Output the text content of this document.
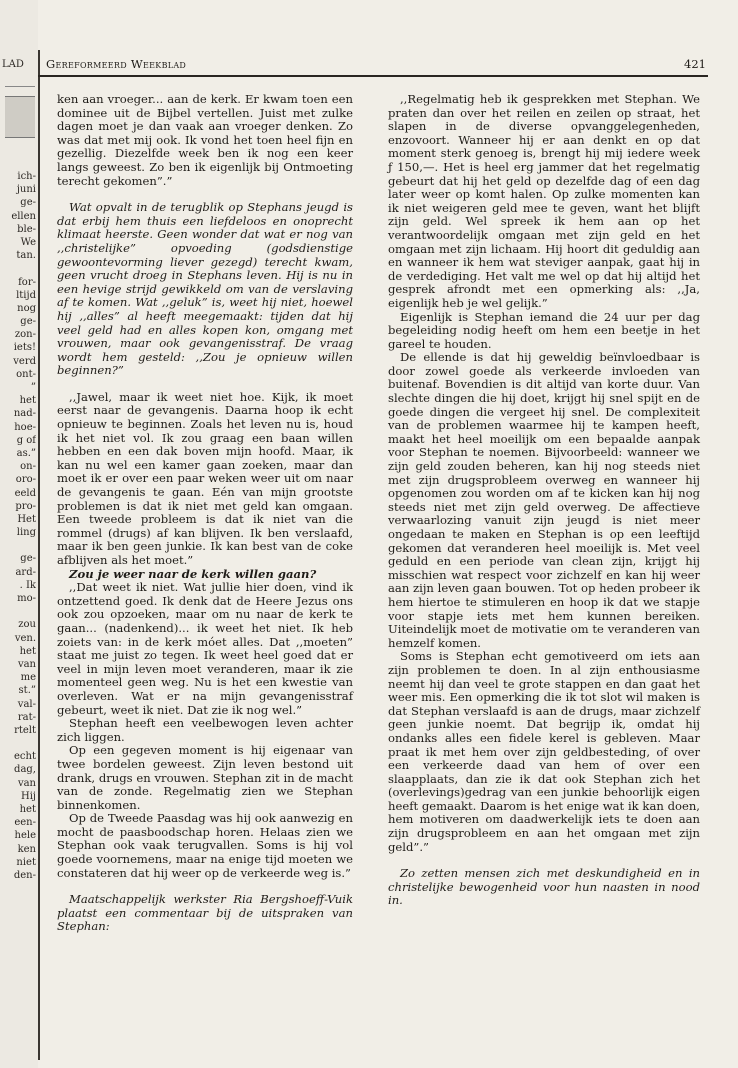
LAD
ich-
juni
ge-
ellen
ble-
We
tan.
for-
ltijd
nog
ge-
zon-
iets!
verd
ont-
”
het
nad-
hoe-
g of
as.”
on-
oro-
eeld
pro-
Het
ling
ge-
ard-
. Ik
mo-
zou
ven.
het
van
me
st.”
val-
rat-
rtelt
echt
dag,
van
Hij
het
een-
hele
ken
niet
den-
Gereformeerd Weekblad	421

ken aan vroeger... aan de kerk. Er kwam toen een dominee uit de Bijbel vertellen. Juist met zulke dagen moet je dan vaak aan vroeger denken. Zo was dat met mij ook. Ik vond het toen heel fijn en gezellig. Diezelfde week ben ik nog een keer langs geweest. Zo ben ik eigenlijk bij Ontmoeting terecht gekomen”.”

Wat opvalt in de terugblik op Stephans jeugd is dat erbij hem thuis een liefdeloos en onoprecht klimaat heerste. Geen wonder dat wat er nog van ,,christelijke” opvoeding (godsdienstige gewoontevorming liever gezegd) terecht kwam, geen vrucht droeg in Stephans leven. Hij is nu in een hevige strijd gewikkeld om van de verslaving af te komen. Wat ,,geluk” is, weet hij niet, hoewel hij ,,alles” al heeft meegemaakt: tijden dat hij veel geld had en alles kopen kon, omgang met vrouwen, maar ook gevangenisstraf. De vraag wordt hem gesteld: ,,Zou je opnieuw willen beginnen?”

,,Jawel, maar ik weet niet hoe. Kijk, ik moet eerst naar de gevangenis. Daarna hoop ik echt opnieuw te beginnen. Zoals het leven nu is, houd ik het niet vol. Ik zou graag een baan willen hebben en een dak boven mijn hoofd. Maar, ik kan nu wel een kamer gaan zoeken, maar dan moet ik er over een paar weken weer uit om naar de gevangenis te gaan. Eén van mijn grootste problemen is dat ik niet met geld kan omgaan. Een tweede probleem is dat ik niet van die rommel (drugs) af kan blijven. Ik ben verslaafd, maar ik ben geen junkie. Ik kan best van de coke afblijven als het moet.”

Zou je weer naar de kerk willen gaan?

,,Dat weet ik niet. Wat jullie hier doen, vind ik ontzettend goed. Ik denk dat de Heere Jezus ons ook zou opzoeken, maar om nu naar de kerk te gaan... (nadenkend)... ik weet het niet. Ik heb zoiets van: in de kerk móet alles. Dat ,,moeten” staat me juist zo tegen. Ik weet heel goed dat er veel in mijn leven moet veranderen, maar ik zie momenteel geen weg. Nu is het een kwestie van overleven. Wat er na mijn gevangenisstraf gebeurt, weet ik niet. Dat zie ik nog wel.”

Stephan heeft een veelbewogen leven achter zich liggen.

Op een gegeven moment is hij eigenaar van twee bordelen geweest. Zijn leven bestond uit drank, drugs en vrouwen. Stephan zit in de macht van de zonde. Regelmatig zien we Stephan binnenkomen.

Op de Tweede Paasdag was hij ook aanwezig en mocht de paasboodschap horen. Helaas zien we Stephan ook vaak terugvallen. Soms is hij vol goede voornemens, maar na enige tijd moeten we constateren dat hij weer op de verkeerde weg is.”

Maatschappelijk werkster Ria Bergshoeff-Vuik plaatst een commentaar bij de uitspraken van Stephan:

,,Regelmatig heb ik gesprekken met Stephan. We praten dan over het reilen en zeilen op straat, het slapen in de diverse opvanggelegenheden, enzovoort. Wanneer hij er aan denkt en op dat moment sterk genoeg is, brengt hij mij iedere week ƒ 150,—. Het is heel erg jammer dat het regelmatig gebeurt dat hij het geld op dezelfde dag of een dag later weer op komt halen. Op zulke momenten kan ik niet weigeren geld mee te geven, want het blijft zijn geld. Wel spreek ik hem aan op het verantwoordelijk omgaan met zijn geld en het omgaan met zijn lichaam. Hij hoort dit geduldig aan en wanneer ik hem wat steviger aanpak, gaat hij in de verdediging. Het valt me wel op dat hij altijd het gesprek afrondt met een opmerking als: ,,Ja, eigenlijk heb je wel gelijk.”

Eigenlijk is Stephan iemand die 24 uur per dag begeleiding nodig heeft om hem een beetje in het gareel te houden.

De ellende is dat hij geweldig beïnvloedbaar is door zowel goede als verkeerde invloeden van buitenaf. Bovendien is dit altijd van korte duur. Van slechte dingen die hij doet, krijgt hij snel spijt en de goede dingen die vergeet hij snel. De complexiteit van de problemen waarmee hij te kampen heeft, maakt het heel moeilijk om een bepaalde aanpak voor Stephan te noemen. Bijvoorbeeld: wanneer we zijn geld zouden beheren, kan hij nog steeds niet met zijn drugsprobleem overweg en wanneer hij opgenomen zou worden om af te kicken kan hij nog steeds niet met zijn geld overweg. De affectieve verwaarlozing vanuit zijn jeugd is niet meer ongedaan te maken en Stephan is op een leeftijd gekomen dat veranderen heel moeilijk is. Met veel geduld en een periode van clean zijn, krijgt hij misschien wat respect voor zichzelf en kan hij weer aan zijn leven gaan bouwen. Tot op heden probeer ik hem hiertoe te stimuleren en hoop ik dat we stapje voor stapje iets met hem kunnen bereiken. Uiteindelijk moet de motivatie om te veranderen van hemzelf komen.

Soms is Stephan echt gemotiveerd om iets aan zijn problemen te doen. In al zijn enthousiasme neemt hij dan veel te grote stappen en dan gaat het weer mis. Een opmerking die ik tot slot wil maken is dat Stephan verslaafd is aan de drugs, maar zichzelf geen junkie noemt. Dat begrijp ik, omdat hij ondanks alles een fidele kerel is gebleven. Maar praat ik met hem over zijn geldbesteding, of over een verkeerde daad van hem of over een slaapplaats, dan zie ik dat ook Stephan zich het (overlevings)gedrag van een junkie behoorlijk eigen heeft gemaakt. Daarom is het enige wat ik kan doen, hem motiveren om daadwerkelijk iets te doen aan zijn drugsprobleem en aan het omgaan met zijn geld”.”

Zo zetten mensen zich met deskundigheid en in christelijke bewogenheid voor hun naasten in nood in.
